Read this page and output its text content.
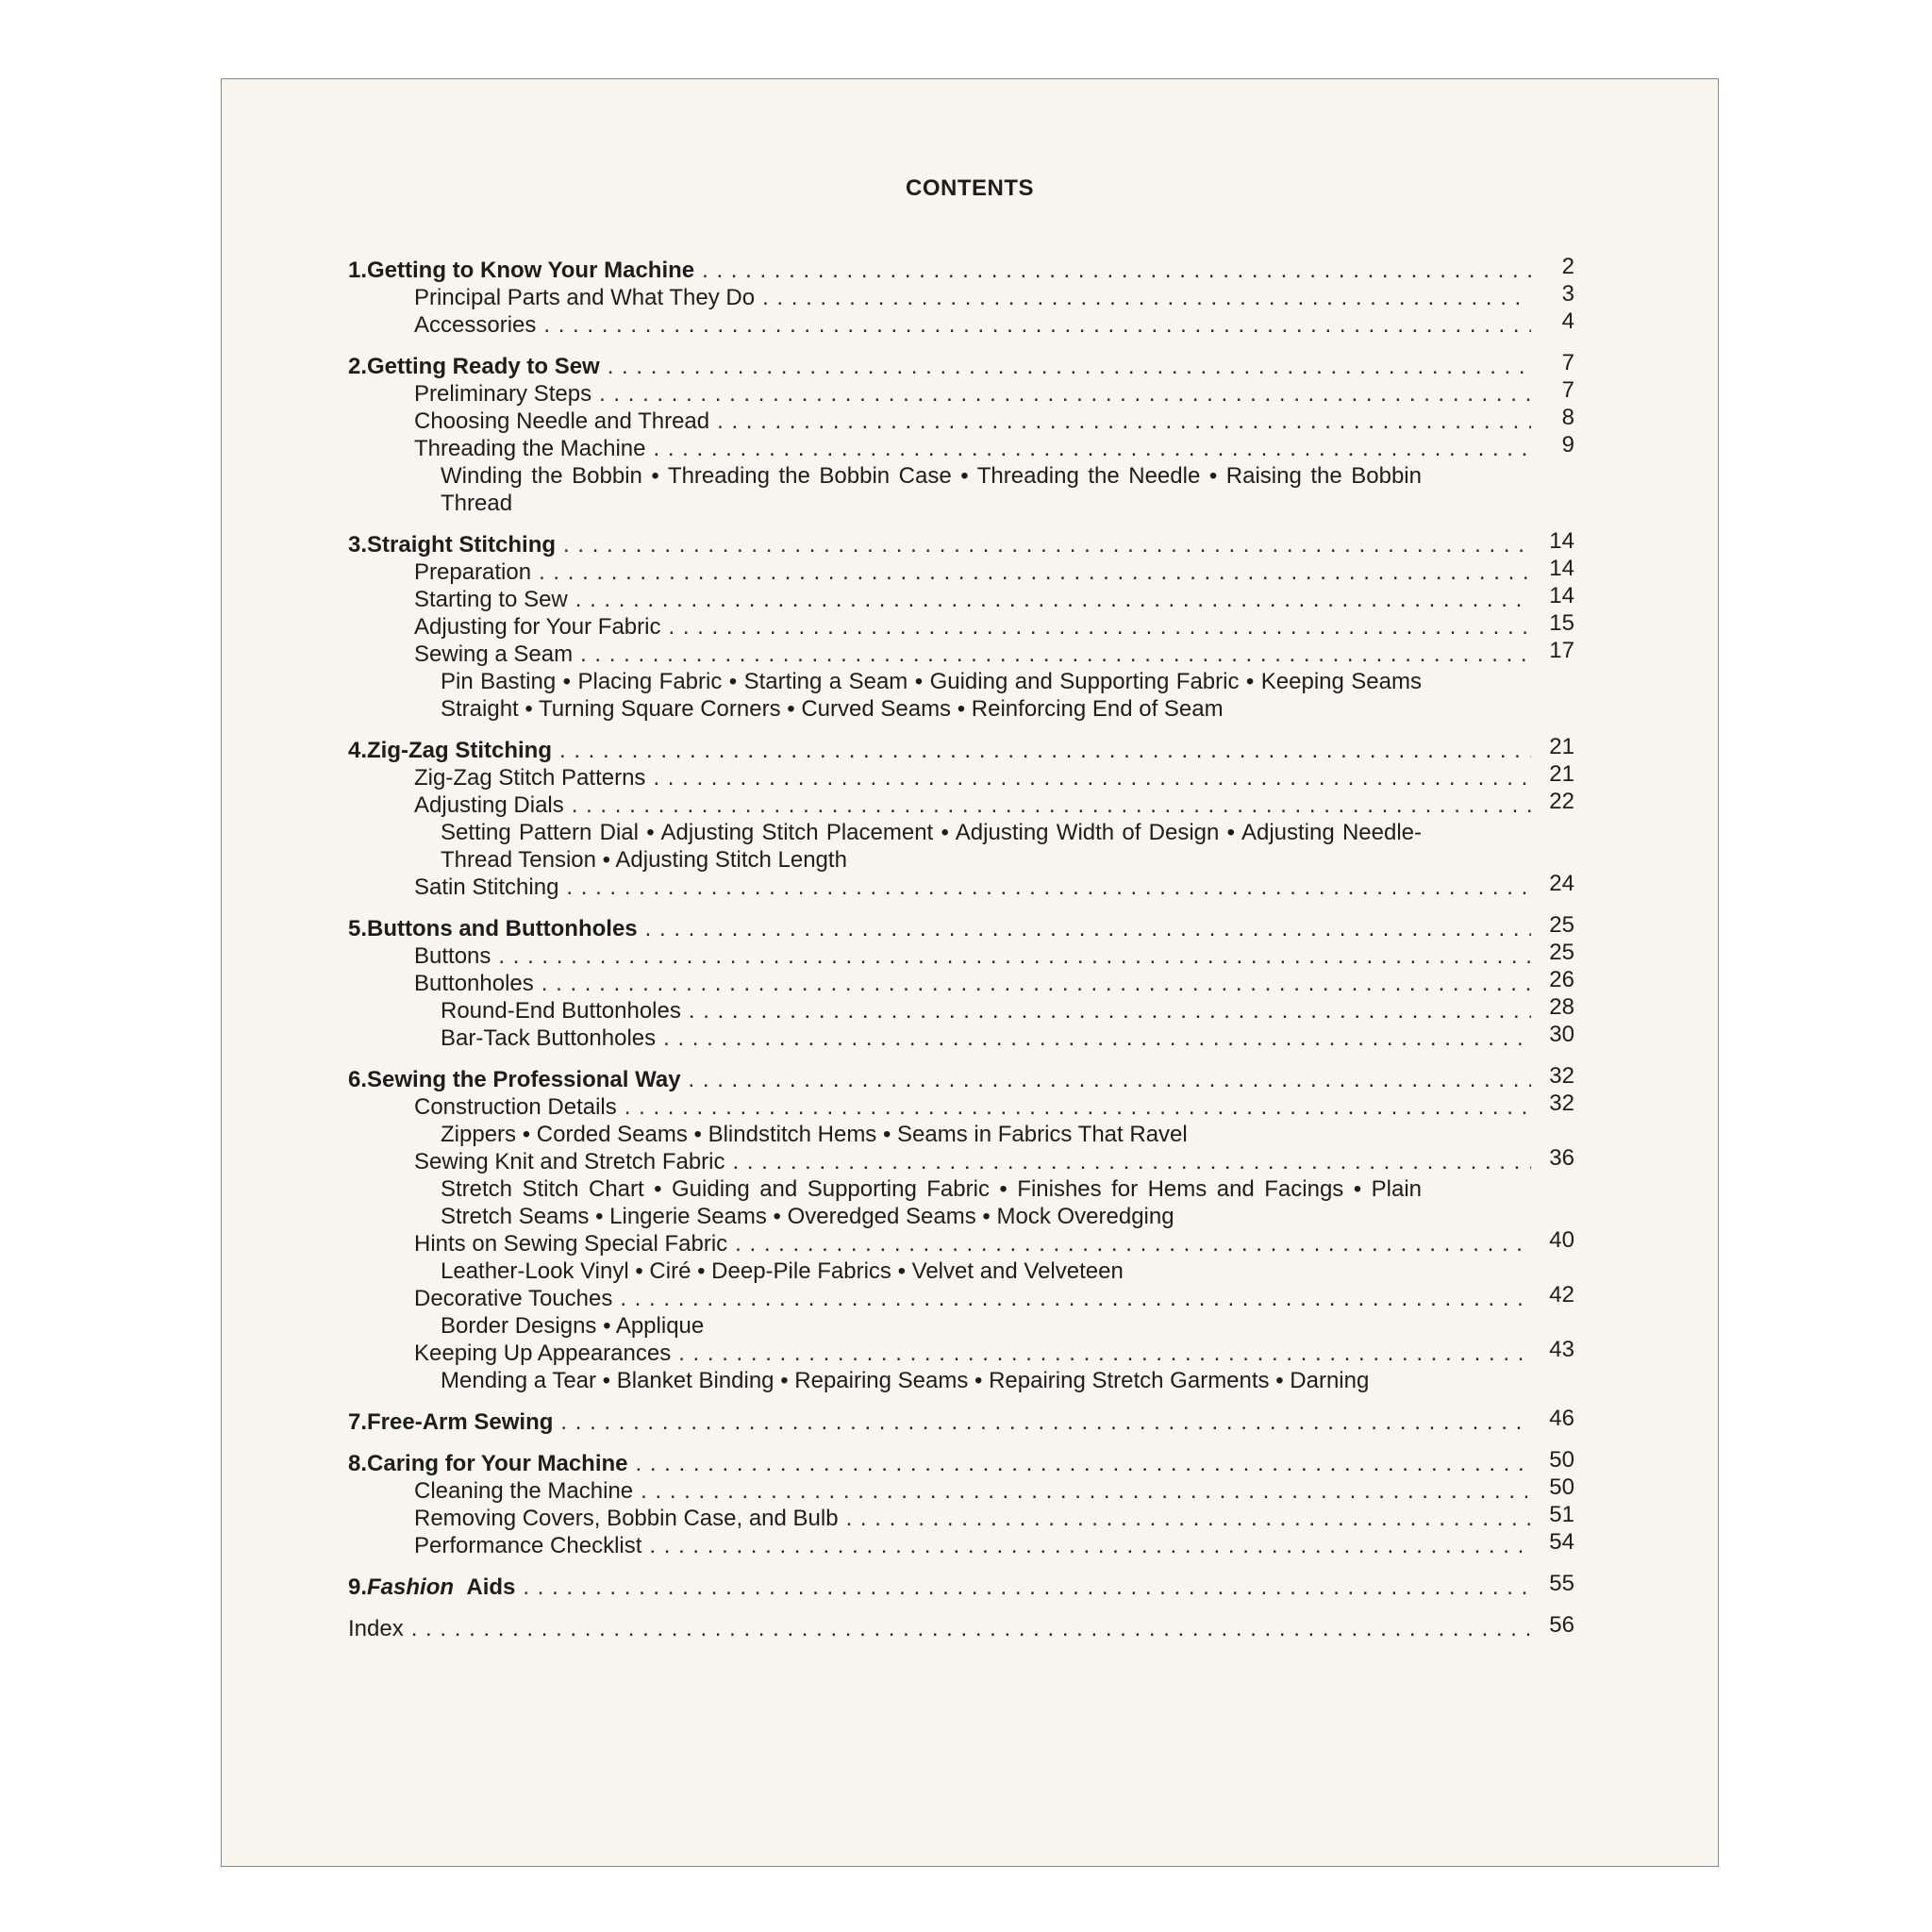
CONTENTS
1. Getting to Know Your Machine . . .	2
Principal Parts and What They Do . . .	3
Accessories . . .	4
2. Getting Ready to Sew . . .	7
Preliminary Steps . . .	7
Choosing Needle and Thread . . .	8
Threading the Machine . . .	9
Winding the Bobbin • Threading the Bobbin Case • Threading the Needle • Raising the Bobbin Thread
3. Straight Stitching . . .	14
Preparation . . .	14
Starting to Sew . . .	14
Adjusting for Your Fabric . . .	15
Sewing a Seam . . .	17
Pin Basting • Placing Fabric • Starting a Seam • Guiding and Supporting Fabric • Keeping Seams Straight • Turning Square Corners • Curved Seams • Reinforcing End of Seam
4. Zig-Zag Stitching . . .	21
Zig-Zag Stitch Patterns . . .	21
Adjusting Dials . . .	22
Setting Pattern Dial • Adjusting Stitch Placement • Adjusting Width of Design • Adjusting Needle-Thread Tension • Adjusting Stitch Length
Satin Stitching . . .	24
5. Buttons and Buttonholes . . .	25
Buttons . . .	25
Buttonholes . . .	26
Round-End Buttonholes . . .	28
Bar-Tack Buttonholes . . .	30
6. Sewing the Professional Way . . .	32
Construction Details . . .	32
Zippers • Corded Seams • Blindstitch Hems • Seams in Fabrics That Ravel
Sewing Knit and Stretch Fabric . . .	36
Stretch Stitch Chart • Guiding and Supporting Fabric • Finishes for Hems and Facings • Plain Stretch Seams • Lingerie Seams • Overedged Seams • Mock Overedging
Hints on Sewing Special Fabric . . .	40
Leather-Look Vinyl • Ciré • Deep-Pile Fabrics • Velvet and Velveteen
Decorative Touches . . .	42
Border Designs • Applique
Keeping Up Appearances . . .	43
Mending a Tear • Blanket Binding • Repairing Seams • Repairing Stretch Garments • Darning
7. Free-Arm Sewing . . .	46
8. Caring for Your Machine . . .	50
Cleaning the Machine . . .	50
Removing Covers, Bobbin Case, and Bulb . . .	51
Performance Checklist . . .	54
9. Fashion Aids . . .	55
Index . . .	56
